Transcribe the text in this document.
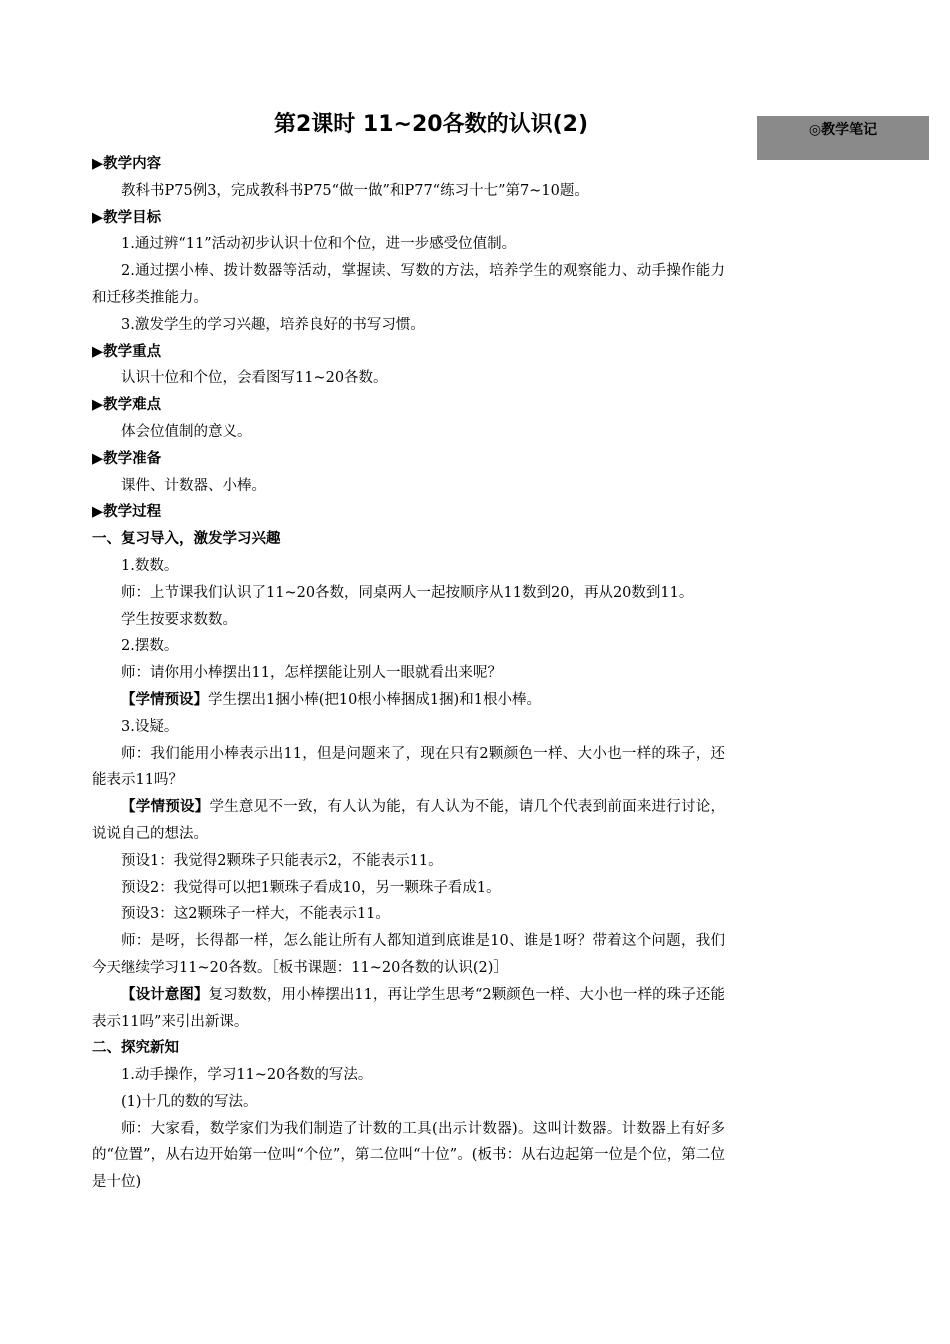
第2课时 11~20各数的认识(2)	◎教学笔记

▶教学内容

教科书P75例3，完成教科书P75“做一做”和P77“练习十七”第7~10题。

▶教学目标

1.通过辨“11”活动初步认识十位和个位，进一步感受位值制。

2.通过摆小棒、拨计数器等活动，掌握读、写数的方法，培养学生的观察能力、动手操作能力和迁移类推能力。

3.激发学生的学习兴趣，培养良好的书写习惯。

▶教学重点

认识十位和个位，会看图写11~20各数。

▶教学难点

体会位值制的意义。

▶教学准备

课件、计数器、小棒。

▶教学过程

一、复习导入，激发学习兴趣

1.数数。

师：上节课我们认识了11~20各数，同桌两人一起按顺序从11数到20，再从20数到11。

学生按要求数数。

2.摆数。

师：请你用小棒摆出11，怎样摆能让别人一眼就看出来呢？

【学情预设】学生摆出1捆小棒(把10根小棒捆成1捆)和1根小棒。

3.设疑。

师：我们能用小棒表示出11，但是问题来了，现在只有2颗颜色一样、大小也一样的珠子，还能表示11吗？

【学情预设】学生意见不一致，有人认为能，有人认为不能，请几个代表到前面来进行讨论，说说自己的想法。

预设1：我觉得2颗珠子只能表示2，不能表示11。

预设2：我觉得可以把1颗珠子看成10，另一颗珠子看成1。

预设3：这2颗珠子一样大，不能表示11。

师：是呀，长得都一样，怎么能让所有人都知道到底谁是10、谁是1呀？带着这个问题，我们今天继续学习11~20各数。［板书课题：11~20各数的认识(2)］

【设计意图】复习数数，用小棒摆出11，再让学生思考“2颗颜色一样、大小也一样的珠子还能表示11吗”来引出新课。

二、探究新知

1.动手操作，学习11~20各数的写法。

(1)十几的数的写法。

师：大家看，数学家们为我们制造了计数的工具(出示计数器)。这叫计数器。计数器上有好多的“位置”，从右边开始第一位叫“个位”，第二位叫“十位”。(板书：从右边起第一位是个位，第二位是十位)
